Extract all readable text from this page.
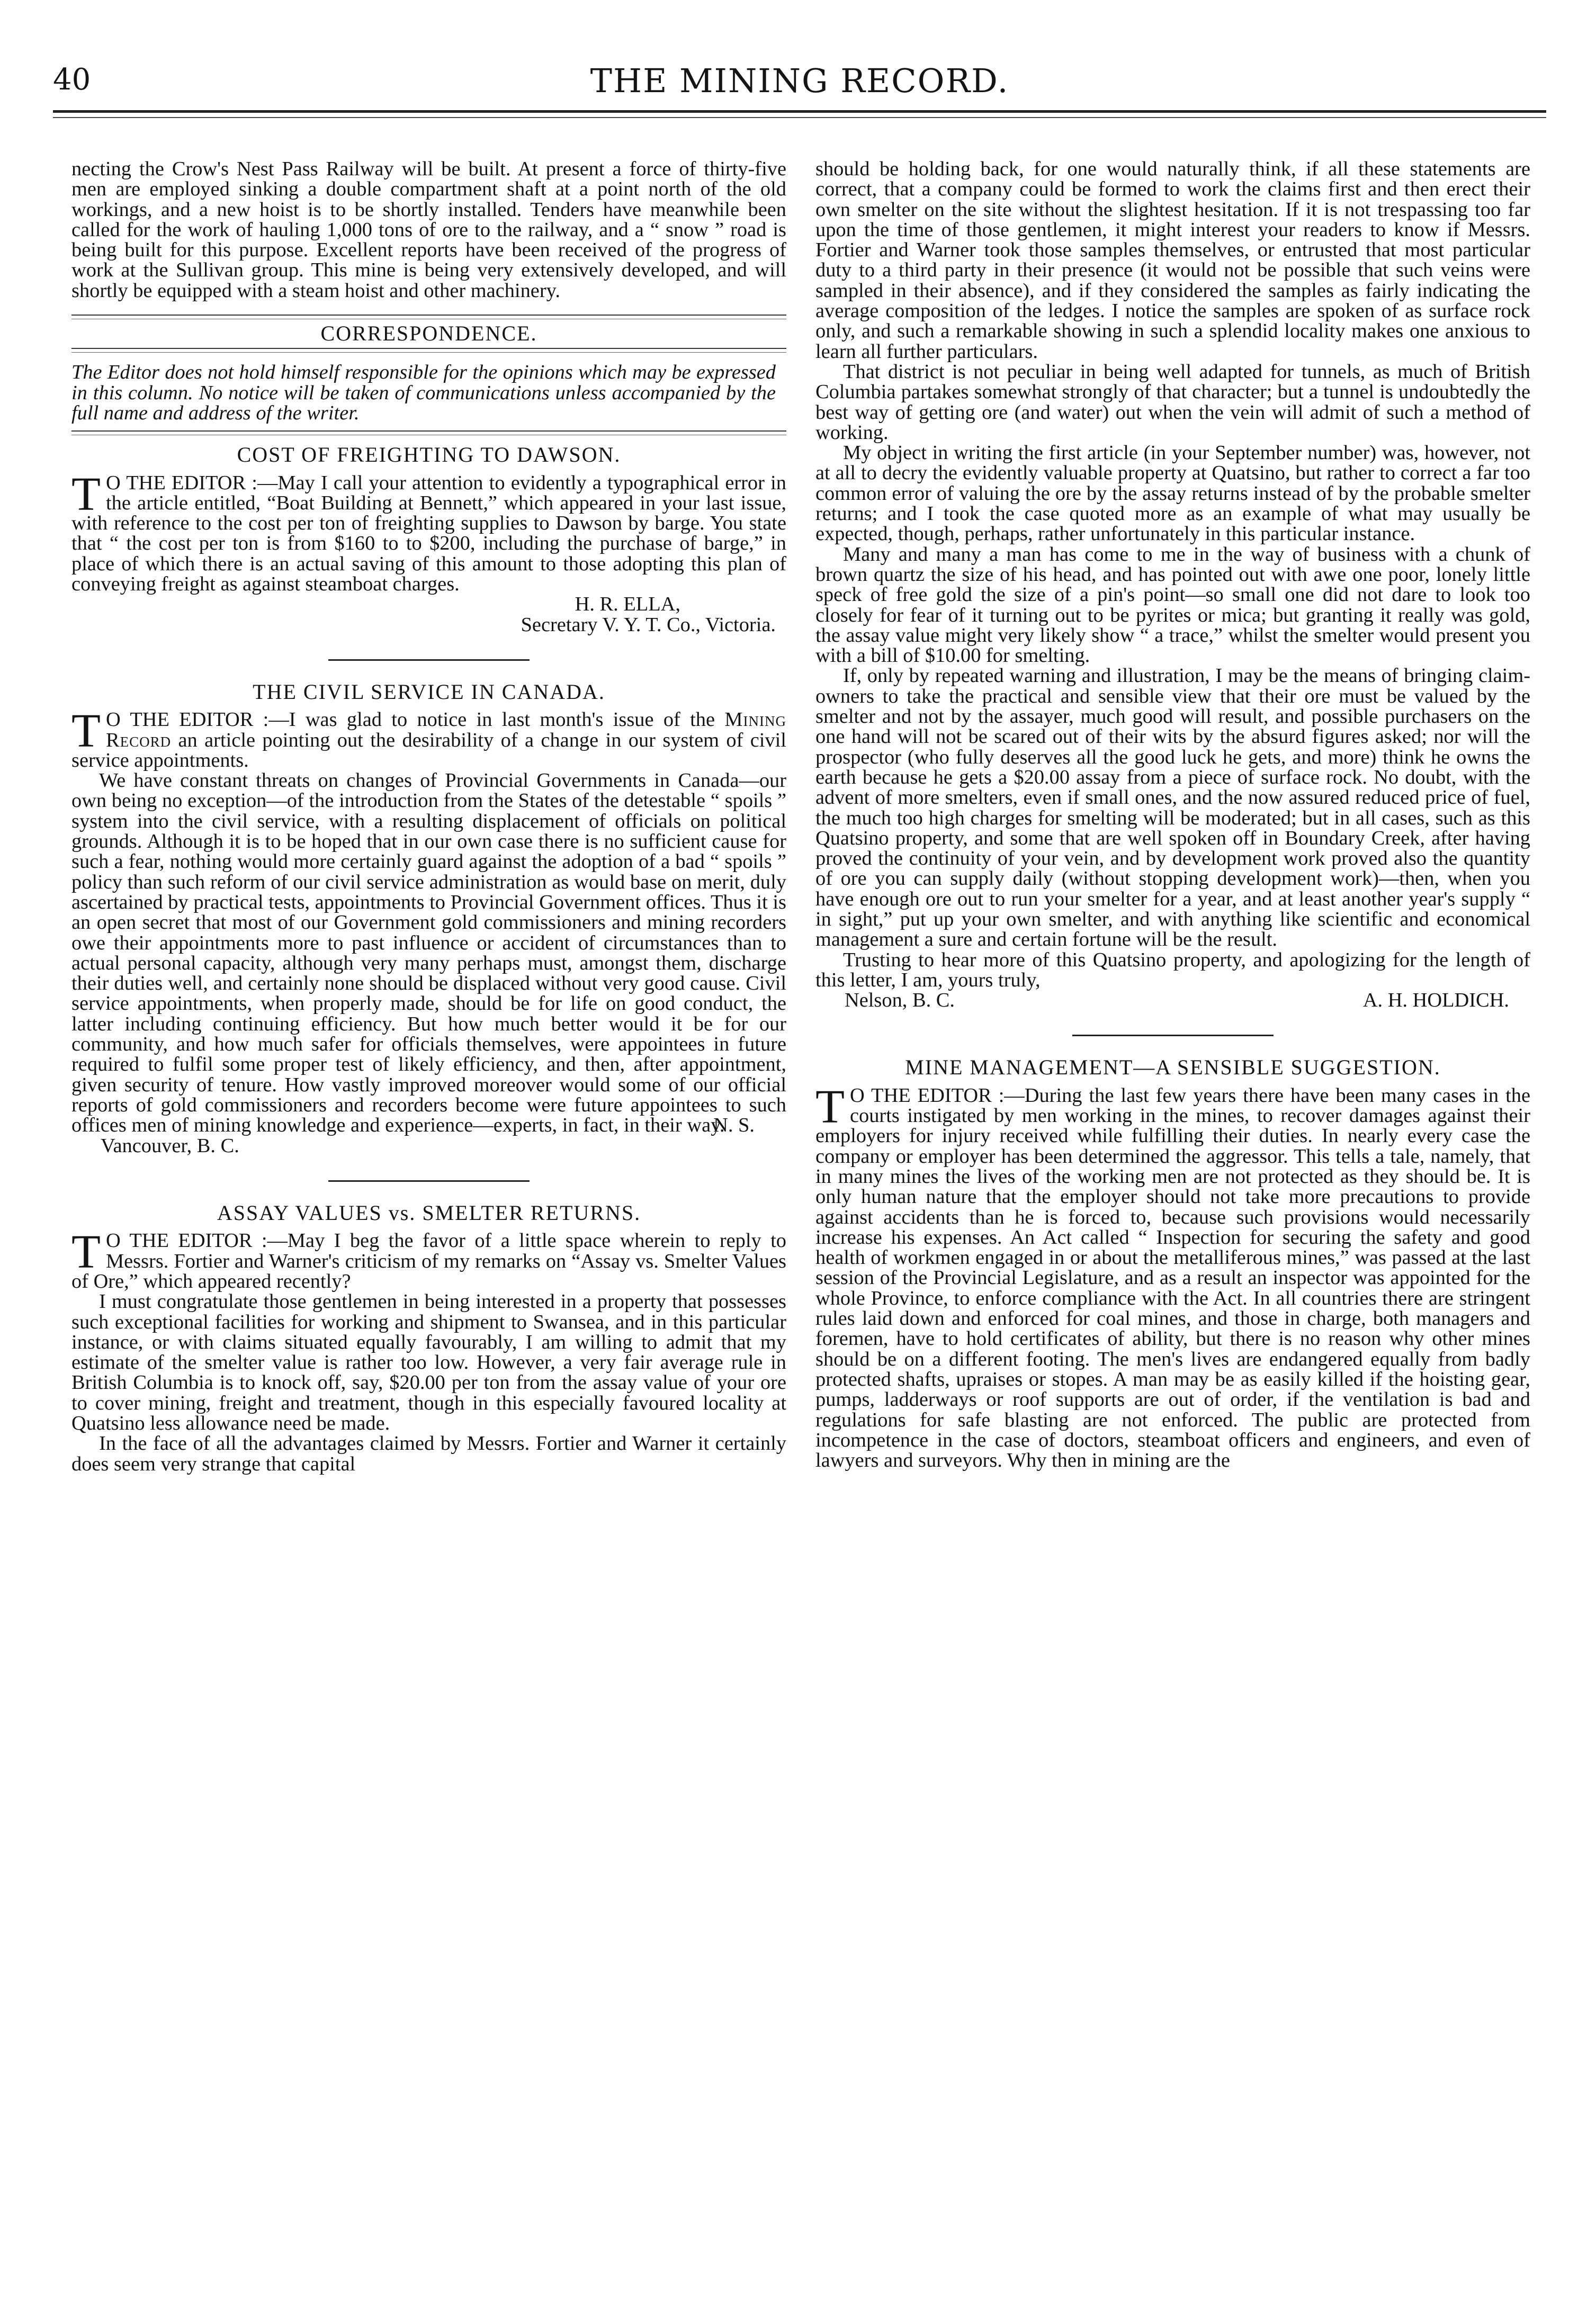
40	THE MINING RECORD.

necting the Crow's Nest Pass Railway will be built. At present a force of thirty-five men are employed sinking a double compartment shaft at a point north of the old workings, and a new hoist is to be shortly installed. Tenders have meanwhile been called for the work of hauling 1,000 tons of ore to the railway, and a “ snow ” road is being built for this purpose. Excellent reports have been received of the progress of work at the Sullivan group. This mine is being very extensively developed, and will shortly be equipped with a steam hoist and other machinery.

CORRESPONDENCE.
The Editor does not hold himself responsible for the opinions which may be expressed in this column. No notice will be taken of communications unless accompanied by the full name and address of the writer.
COST OF FREIGHTING TO DAWSON.
T O THE EDITOR :—May I call your attention to evidently a typographical error in the article entitled, “Boat Building at Bennett,” which appeared in your last issue, with reference to the cost per ton of freighting supplies to Dawson by barge. You state that “ the cost per ton is from $160 to to $200, including the purchase of barge,” in place of which there is an actual saving of this amount to those adopting this plan of conveying freight as against steamboat charges.

H. R. ELLA,
Secretary V. Y. T. Co., Victoria.
THE CIVIL SERVICE IN CANADA.
T O THE EDITOR :—I was glad to notice in last month's issue of the Mining Record an article pointing out the desirability of a change in our system of civil service appointments.

We have constant threats on changes of Provincial Governments in Canada—our own being no exception—of the introduction from the States of the detestable “ spoils ” system into the civil service, with a resulting displacement of officials on political grounds. Although it is to be hoped that in our own case there is no sufficient cause for such a fear, nothing would more certainly guard against the adoption of a bad “ spoils ” policy than such reform of our civil service administration as would base on merit, duly ascertained by practical tests, appointments to Provincial Government offices. Thus it is an open secret that most of our Government gold commissioners and mining recorders owe their appointments more to past influence or accident of circumstances than to actual personal capacity, although very many perhaps must, amongst them, discharge their duties well, and certainly none should be displaced without very good cause. Civil service appointments, when properly made, should be for life on good conduct, the latter including continuing efficiency. But how much better would it be for our community, and how much safer for officials themselves, were appointees in future required to fulfil some proper test of likely efficiency, and then, after appointment, given security of tenure. How vastly improved moreover would some of our official reports of gold commissioners and recorders become were future appointees to such offices men of mining knowledge and experience—experts, in fact, in their way.

N. S.
Vancouver, B. C.
ASSAY VALUES vs. SMELTER RETURNS.
T O THE EDITOR :—May I beg the favor of a little space wherein to reply to Messrs. Fortier and Warner's criticism of my remarks on “Assay vs. Smelter Values of Ore,” which appeared recently?

I must congratulate those gentlemen in being interested in a property that possesses such exceptional facilities for working and shipment to Swansea, and in this particular instance, or with claims situated equally favourably, I am willing to admit that my estimate of the smelter value is rather too low. However, a very fair average rule in British Columbia is to knock off, say, $20.00 per ton from the assay value of your ore to cover mining, freight and treatment, though in this especially favoured locality at Quatsino less allowance need be made.

In the face of all the advantages claimed by Messrs. Fortier and Warner it certainly does seem very strange that capital

should be holding back, for one would naturally think, if all these statements are correct, that a company could be formed to work the claims first and then erect their own smelter on the site without the slightest hesitation. If it is not trespassing too far upon the time of those gentlemen, it might interest your readers to know if Messrs. Fortier and Warner took those samples themselves, or entrusted that most particular duty to a third party in their presence (it would not be possible that such veins were sampled in their absence), and if they considered the samples as fairly indicating the average composition of the ledges. I notice the samples are spoken of as surface rock only, and such a remarkable showing in such a splendid locality makes one anxious to learn all further particulars.

That district is not peculiar in being well adapted for tunnels, as much of British Columbia partakes somewhat strongly of that character; but a tunnel is undoubtedly the best way of getting ore (and water) out when the vein will admit of such a method of working.

My object in writing the first article (in your September number) was, however, not at all to decry the evidently valuable property at Quatsino, but rather to correct a far too common error of valuing the ore by the assay returns instead of by the probable smelter returns; and I took the case quoted more as an example of what may usually be expected, though, perhaps, rather unfortunately in this particular instance.

Many and many a man has come to me in the way of business with a chunk of brown quartz the size of his head, and has pointed out with awe one poor, lonely little speck of free gold the size of a pin's point—so small one did not dare to look too closely for fear of it turning out to be pyrites or mica; but granting it really was gold, the assay value might very likely show “ a trace,” whilst the smelter would present you with a bill of $10.00 for smelting.

If, only by repeated warning and illustration, I may be the means of bringing claim-owners to take the practical and sensible view that their ore must be valued by the smelter and not by the assayer, much good will result, and possible purchasers on the one hand will not be scared out of their wits by the absurd figures asked; nor will the prospector (who fully deserves all the good luck he gets, and more) think he owns the earth because he gets a $20.00 assay from a piece of surface rock. No doubt, with the advent of more smelters, even if small ones, and the now assured reduced price of fuel, the much too high charges for smelting will be moderated; but in all cases, such as this Quatsino property, and some that are well spoken off in Boundary Creek, after having proved the continuity of your vein, and by development work proved also the quantity of ore you can supply daily (without stopping development work)—then, when you have enough ore out to run your smelter for a year, and at least another year's supply “ in sight,” put up your own smelter, and with anything like scientific and economical management a sure and certain fortune will be the result.

Trusting to hear more of this Quatsino property, and apologizing for the length of this letter, I am, yours truly,

Nelson, B. C.	A. H. HOLDICH.
MINE MANAGEMENT—A SENSIBLE SUGGESTION.
T O THE EDITOR :—During the last few years there have been many cases in the courts instigated by men working in the mines, to recover damages against their employers for injury received while fulfilling their duties. In nearly every case the company or employer has been determined the aggressor. This tells a tale, namely, that in many mines the lives of the working men are not protected as they should be. It is only human nature that the employer should not take more precautions to provide against accidents than he is forced to, because such provisions would necessarily increase his expenses. An Act called “ Inspection for securing the safety and good health of workmen engaged in or about the metalliferous mines,” was passed at the last session of the Provincial Legislature, and as a result an inspector was appointed for the whole Province, to enforce compliance with the Act. In all countries there are stringent rules laid down and enforced for coal mines, and those in charge, both managers and foremen, have to hold certificates of ability, but there is no reason why other mines should be on a different footing. The men's lives are endangered equally from badly protected shafts, upraises or stopes. A man may be as easily killed if the hoisting gear, pumps, ladderways or roof supports are out of order, if the ventilation is bad and regulations for safe blasting are not enforced. The public are protected from incompetence in the case of doctors, steamboat officers and engineers, and even of lawyers and surveyors. Why then in mining are the
